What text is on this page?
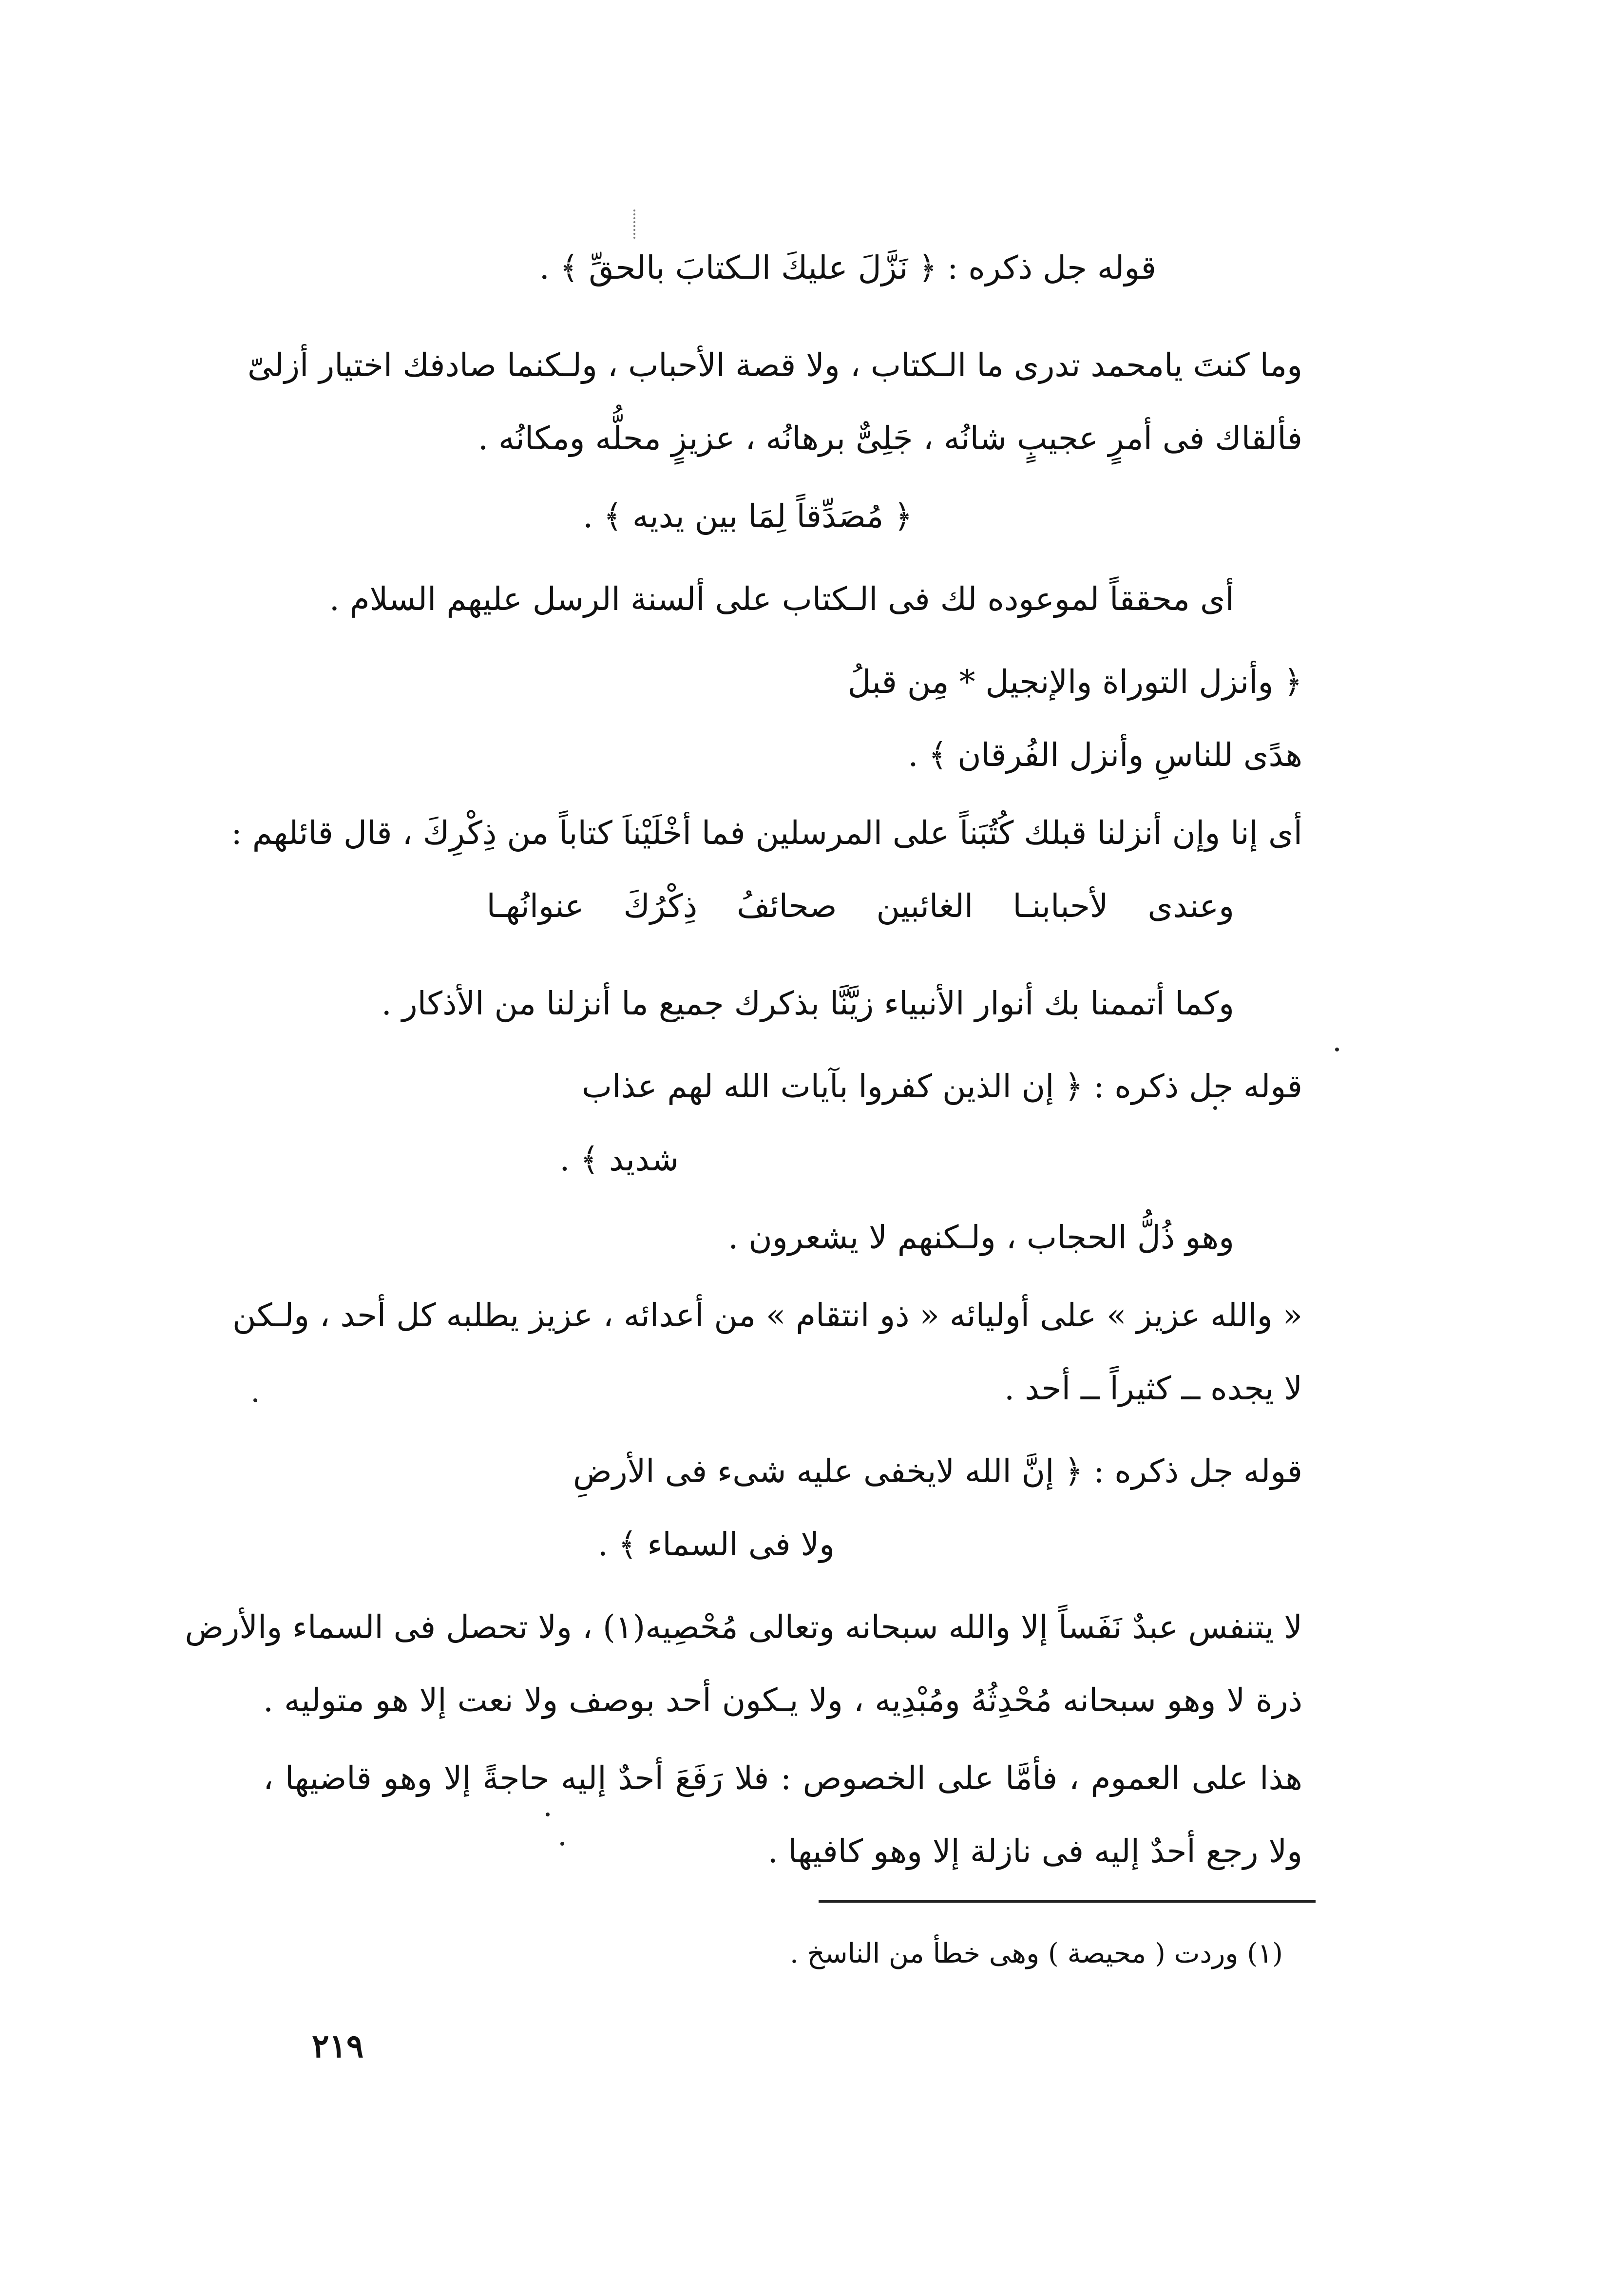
قوله جل ذكره : ﴿ نَزَّلَ عليكَ الـكتابَ بالحقِّ ﴾ .
وما كنتَ يامحمد تدرى ما الـكتاب ، ولا قصة الأحباب ، ولـكنما صادفك اختيار أزلىّ
فألقاك فى أمرٍ عجيبٍ شانُه ، جَلِىٌّ برهانُه ، عزيزٍ محلُّه ومكانُه .
﴿ مُصَدِّقاً لِمَا بين يديه ﴾ .
أى محققاً لموعوده لك فى الـكتاب على ألسنة الرسل عليهم السلام .
﴿ وأنزل التوراة والإنجيل * مِن قبلُ
هدًى للناسِ وأنزل الفُرقان ﴾ .
أى إنا وإن أنزلنا قبلك كُتُبَناً على المرسلين فما أخْلَيْناَ كتاباً من ذِكْرِكَ ، قال قائلهم :
وعندى لأحبابنـا الغائبين صحائفُ ذِكْرُكَ عنوانُهـا
وكما أتممنا بك أنوار الأنبياء زيَّنَّا بذكرك جميع ما أنزلنا من الأذكار .
قوله جل ذكره : ﴿ إن الذين كفروا بآيات الله لهم عذاب
شديد ﴾ .
وهو ذُلُّ الحجاب ، ولـكنهم لا يشعرون .
« والله عزيز » على أوليائه « ذو انتقام » من أعدائه ، عزيز يطلبه كل أحد ، ولـكن
لا يجده ــ كثيراً ــ أحد .
قوله جل ذكره : ﴿ إنَّ الله لايخفى عليه شىء فى الأرضِ
ولا فى السماء ﴾ .
لا يتنفس عبدٌ نَفَساً إلا والله سبحانه وتعالى مُحْصِيه(١) ، ولا تحصل فى السماء والأرض
ذرة لا وهو سبحانه مُحْدِثُهُ ومُبْدِيه ، ولا يـكون أحد بوصف ولا نعت إلا هو متوليه .
هذا على العموم ، فأمَّا على الخصوص : فلا رَفَعَ أحدٌ إليه حاجةً إلا وهو قاضيها ،
ولا رجع أحدٌ إليه فى نازلة إلا وهو كافيها .
(١) وردت ( محيصة ) وهى خطأ من الناسخ .
٢١٩
